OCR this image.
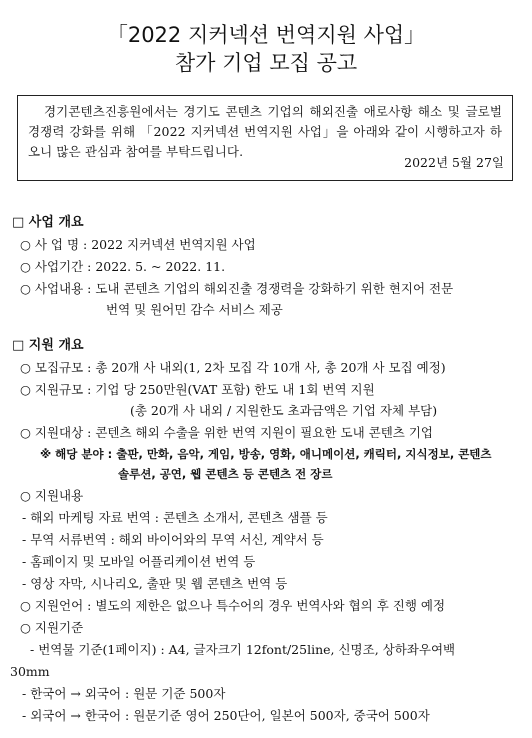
「2022 지커넥션 번역지원 사업」
참가 기업 모집 공고
경기콘텐츠진흥원에서는 경기도 콘텐츠 기업의 해외진출 애로사항 해소 및 글로벌 경쟁력 강화를 위해 「2022 지커넥션 번역지원 사업」을 아래와 같이 시행하고자 하오니 많은 관심과 참여를 부탁드립니다.
2022년 5월 27일
□ 사업 개요
○ 사 업 명 : 2022 지커넥션 번역지원 사업
○ 사업기간 : 2022. 5. ~ 2022. 11.
○ 사업내용 : 도내 콘텐츠 기업의 해외진출 경쟁력을 강화하기 위한 현지어 전문
번역 및 원어민 감수 서비스 제공
□ 지원 개요
○ 모집규모 : 총 20개 사 내외(1, 2차 모집 각 10개 사, 총 20개 사 모집 예정)
○ 지원규모 : 기업 당 250만원(VAT 포함) 한도 내 1회 번역 지원
(총 20개 사 내외 / 지원한도 초과금액은 기업 자체 부담)
○ 지원대상 : 콘텐츠 해외 수출을 위한 번역 지원이 필요한 도내 콘텐츠 기업
※ 해당 분야 : 출판, 만화, 음악, 게임, 방송, 영화, 애니메이션, 캐릭터, 지식정보, 콘텐츠
솔루션, 공연, 웹 콘텐츠 등 콘텐츠 전 장르
○ 지원내용
- 해외 마케팅 자료 번역 : 콘텐츠 소개서, 콘텐츠 샘플 등
- 무역 서류번역 : 해외 바이어와의 무역 서신, 계약서 등
- 홈페이지 및 모바일 어플리케이션 번역 등
- 영상 자막, 시나리오, 출판 및 웹 콘텐츠 번역 등
○ 지원언어 : 별도의 제한은 없으나 특수어의 경우 번역사와 협의 후 진행 예정
○ 지원기준
- 번역물 기준(1페이지) : A4, 글자크기 12font/25line, 신명조, 상하좌우여백
30mm
- 한국어 → 외국어 : 원문 기준 500자
- 외국어 → 한국어 : 원문기준 영어 250단어, 일본어 500자, 중국어 500자
